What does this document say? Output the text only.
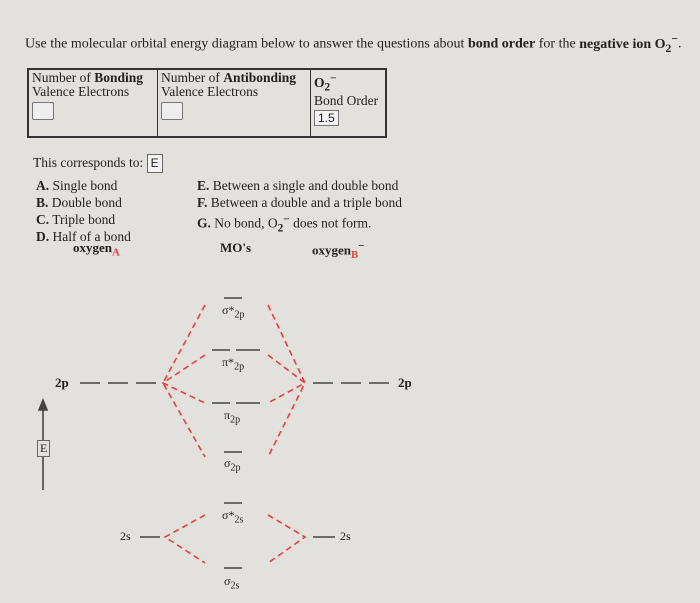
Use the molecular orbital energy diagram below to answer the questions about bond order for the negative ion $O_2^-$.
Number of Bonding
Valence Electrons
	Number of Antibonding
Valence Electrons
	$O_2^-$
Bond Order
1.5
This corresponds to: E
A. Single bond
B. Double bond
C. Triple bond
D. Half of a bond
E. Between a single and double bond
F. Between a double and a triple bond
G. No bond, $O_2^-$ does not form.
oxygen$_A$	MO's	oxygen$_B$−
E
2p	2p
2s	2s
$\sigma*_{2p}$
$\pi*_{2p}$
$\pi_{2p}$
$\sigma_{2p}$
$\sigma*_{2s}$
$\sigma_{2s}$
